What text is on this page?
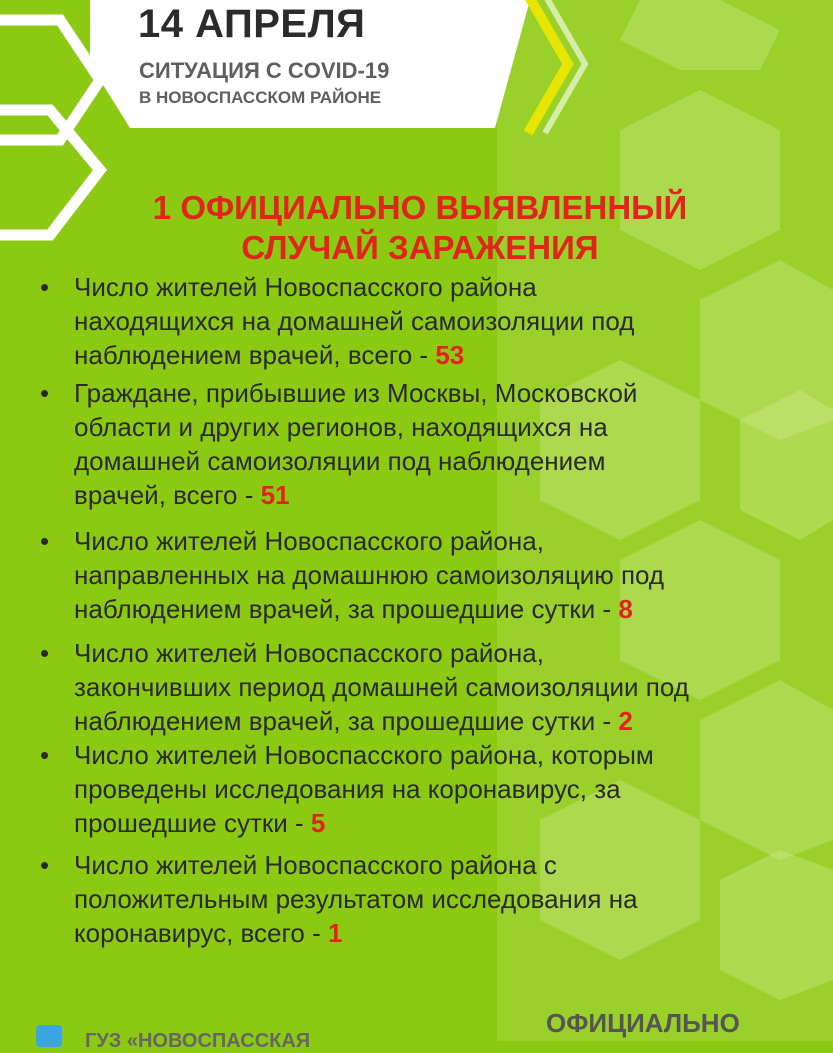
14 АПРЕЛЯ
СИТУАЦИЯ С COVID-19
В НОВОСПАССКОМ РАЙОНЕ
1 ОФИЦИАЛЬНО ВЫЯВЛЕННЫЙ
СЛУЧАЙ ЗАРАЖЕНИЯ
• Число жителей Новоспасского района
находящихся на домашней самоизоляции под
наблюдением врачей, всего - 53
• Граждане, прибывшие из Москвы, Московской
области и других регионов, находящихся на
домашней самоизоляции под наблюдением
врачей, всего - 51
• Число жителей Новоспасского района,
направленных на домашнюю самоизоляцию под
наблюдением врачей, за прошедшие сутки - 8
• Число жителей Новоспасского района,
закончивших период домашней самоизоляции под
наблюдением врачей, за прошедшие сутки - 2
• Число жителей Новоспасского района, которым
проведены исследования на коронавирус, за
прошедшие сутки - 5
• Число жителей Новоспасского района с
положительным результатом исследования на
коронавирус, всего - 1
ГУЗ «НОВОСПАССКАЯ
ОФИЦИАЛЬНО
